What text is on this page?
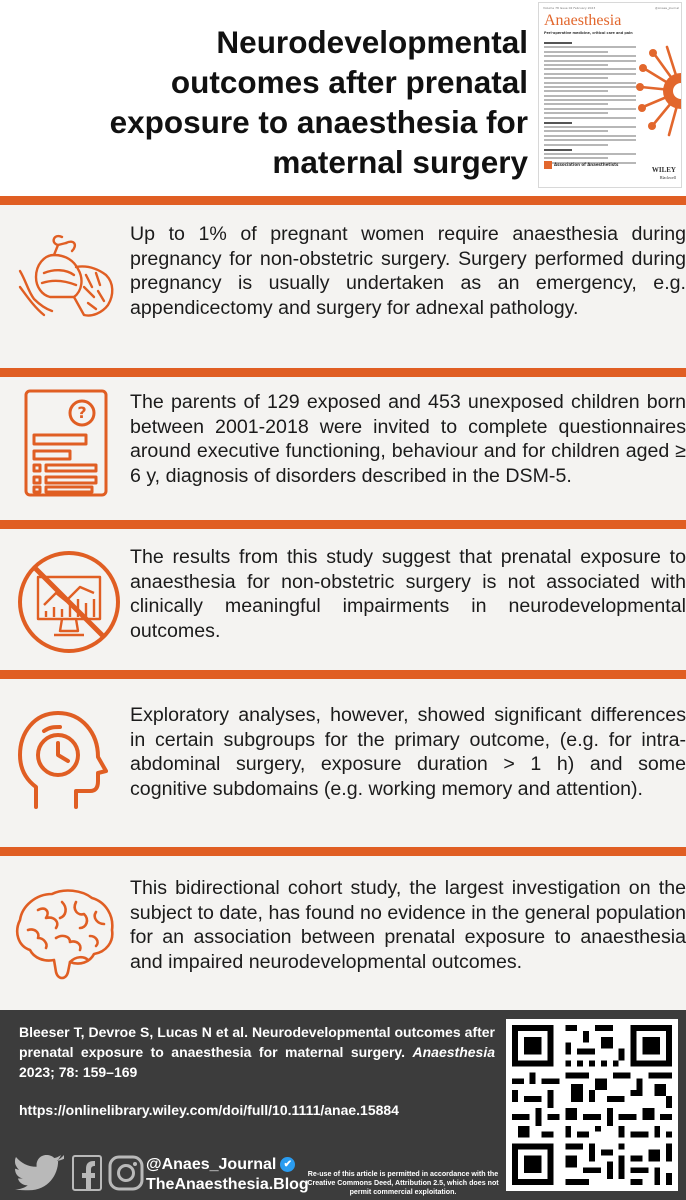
Neurodevelopmental outcomes after prenatal exposure to anaesthesia for maternal surgery
Volume 78 Issue 02 February 2023	@Anaes_Journal
Anaesthesia
Peri-operative medicine, critical care and pain
Association of Anaesthetists
WILEY
Blackwell

Up to 1% of pregnant women require anaesthesia during pregnancy for non-obstetric surgery. Surgery performed during pregnancy is usually undertaken as an emergency, e.g. appendicectomy and surgery for adnexal pathology.

? The parents of 129 exposed and 453 unexposed children born between 2001-2018 were invited to complete questionnaires around executive functioning, behaviour and for children aged ≥ 6 y, diagnosis of disorders described in the DSM-5.

The results from this study suggest that prenatal exposure to anaesthesia for non-obstetric surgery is not associated with clinically meaningful impairments in neurodevelopmental outcomes.

Exploratory analyses, however, showed significant differences in certain subgroups for the primary outcome, (e.g. for intra-abdominal surgery, exposure duration > 1 h) and some cognitive subdomains (e.g. working memory and attention).

This bidirectional cohort study, the largest investigation on the subject to date, has found no evidence in the general population for an association between prenatal exposure to anaesthesia and impaired neurodevelopmental outcomes.

Bleeser T, Devroe S, Lucas N et al. Neurodevelopmental outcomes after prenatal exposure to anaesthesia for maternal surgery. Anaesthesia 2023; 78: 159–169
https://onlinelibrary.wiley.com/doi/full/10.1111/anae.15884
@Anaes_Journal ✔
TheAnaesthesia.Blog
Re-use of this article is permitted in accordance with the Creative Commons Deed, Attribution 2.5, which does not permit commercial exploitation.
